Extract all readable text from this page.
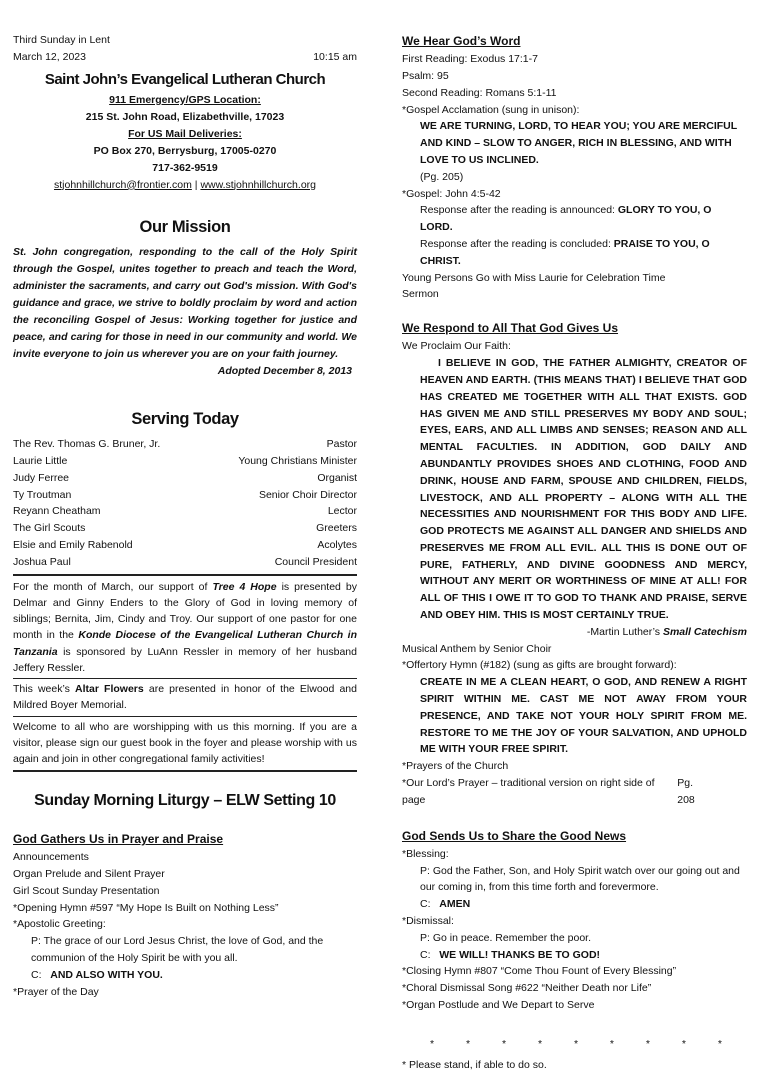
Third Sunday in Lent
March 12, 2023	10:15 am
Saint John’s Evangelical Lutheran Church
911 Emergency/GPS Location:
215 St. John Road, Elizabethville, 17023
For US Mail Deliveries:
PO Box 270, Berrysburg, 17005-0270
717-362-9519
stjohnhillchurch@frontier.com | www.stjohnhillchurch.org
Our Mission
St. John congregation, responding to the call of the Holy Spirit through the Gospel, unites together to preach and teach the Word, administer the sacraments, and carry out God's mission. With God's guidance and grace, we strive to boldly proclaim by word and action the reconciling Gospel of Jesus: Working together for justice and peace, and caring for those in need in our community and world. We invite everyone to join us wherever you are on your faith journey.
Adopted December 8, 2013
Serving Today
The Rev. Thomas G. Bruner, Jr.	Pastor
Laurie Little	Young Christians Minister
Judy Ferree	Organist
Ty Troutman	Senior Choir Director
Reyann Cheatham	Lector
The Girl Scouts	Greeters
Elsie and Emily Rabenold	Acolytes
Joshua Paul	Council President
For the month of March, our support of Tree 4 Hope is presented by Delmar and Ginny Enders to the Glory of God in loving memory of siblings; Bernita, Jim, Cindy and Troy. Our support of one pastor for one month in the Konde Diocese of the Evangelical Lutheran Church in Tanzania is sponsored by LuAnn Ressler in memory of her husband Jeffery Ressler.
This week’s Altar Flowers are presented in honor of the Elwood and Mildred Boyer Memorial.
Welcome to all who are worshipping with us this morning. If you are a visitor, please sign our guest book in the foyer and please worship with us again and join in other congregational family activities!
Sunday Morning Liturgy – ELW Setting 10
God Gathers Us in Prayer and Praise
Announcements
Organ Prelude and Silent Prayer
Girl Scout Sunday Presentation
*Opening Hymn #597 “My Hope Is Built on Nothing Less”
*Apostolic Greeting:
P: The grace of our Lord Jesus Christ, the love of God, and the communion of the Holy Spirit be with you all.
C: AND ALSO WITH YOU.
*Prayer of the Day
We Hear God’s Word
First Reading: Exodus 17:1-7
Psalm: 95
Second Reading: Romans 5:1-11
*Gospel Acclamation (sung in unison):
WE ARE TURNING, LORD, TO HEAR YOU; YOU ARE MERCIFUL AND KIND – SLOW TO ANGER, RICH IN BLESSING, AND WITH LOVE TO US INCLINED.
(Pg. 205)
*Gospel: John 4:5-42
Response after the reading is announced: GLORY TO YOU, O LORD.
Response after the reading is concluded: PRAISE TO YOU, O CHRIST.
Young Persons Go with Miss Laurie for Celebration Time
Sermon
We Respond to All That God Gives Us
We Proclaim Our Faith:
I BELIEVE IN GOD, THE FATHER ALMIGHTY, CREATOR OF HEAVEN AND EARTH. (THIS MEANS THAT) I BELIEVE THAT GOD HAS CREATED ME TOGETHER WITH ALL THAT EXISTS. GOD HAS GIVEN ME AND STILL PRESERVES MY BODY AND SOUL; EYES, EARS, AND ALL LIMBS AND SENSES; REASON AND ALL MENTAL FACULTIES. IN ADDITION, GOD DAILY AND ABUNDANTLY PROVIDES SHOES AND CLOTHING, FOOD AND DRINK, HOUSE AND FARM, SPOUSE AND CHILDREN, FIELDS, LIVESTOCK, AND ALL PROPERTY – ALONG WITH ALL THE NECESSITIES AND NOURISHMENT FOR THIS BODY AND LIFE. GOD PROTECTS ME AGAINST ALL DANGER AND SHIELDS AND PRESERVES ME FROM ALL EVIL. ALL THIS IS DONE OUT OF PURE, FATHERLY, AND DIVINE GOODNESS AND MERCY, WITHOUT ANY MERIT OR WORTHINESS OF MINE AT ALL! FOR ALL OF THIS I OWE IT TO GOD TO THANK AND PRAISE, SERVE AND OBEY HIM. THIS IS MOST CERTAINLY TRUE.
-Martin Luther’s Small Catechism
Musical Anthem by Senior Choir
*Offertory Hymn (#182) (sung as gifts are brought forward):
CREATE IN ME A CLEAN HEART, O GOD, AND RENEW A RIGHT SPIRIT WITHIN ME. CAST ME NOT AWAY FROM YOUR PRESENCE, AND TAKE NOT YOUR HOLY SPIRIT FROM ME. RESTORE TO ME THE JOY OF YOUR SALVATION, AND UPHOLD ME WITH YOUR FREE SPIRIT.
*Prayers of the Church
*Our Lord’s Prayer – traditional version on right side of page
Pg. 208
God Sends Us to Share the Good News
*Blessing:
P: God the Father, Son, and Holy Spirit watch over our going out and our coming in, from this time forth and forevermore.
C: AMEN
*Dismissal:
P: Go in peace. Remember the poor.
C: WE WILL! THANKS BE TO GOD!
*Closing Hymn #807 “Come Thou Fount of Every Blessing”
*Choral Dismissal Song #622 “Neither Death nor Life”
*Organ Postlude and We Depart to Serve
*	*	*	*	*	*	*	*	*
* Please stand, if able to do so.
